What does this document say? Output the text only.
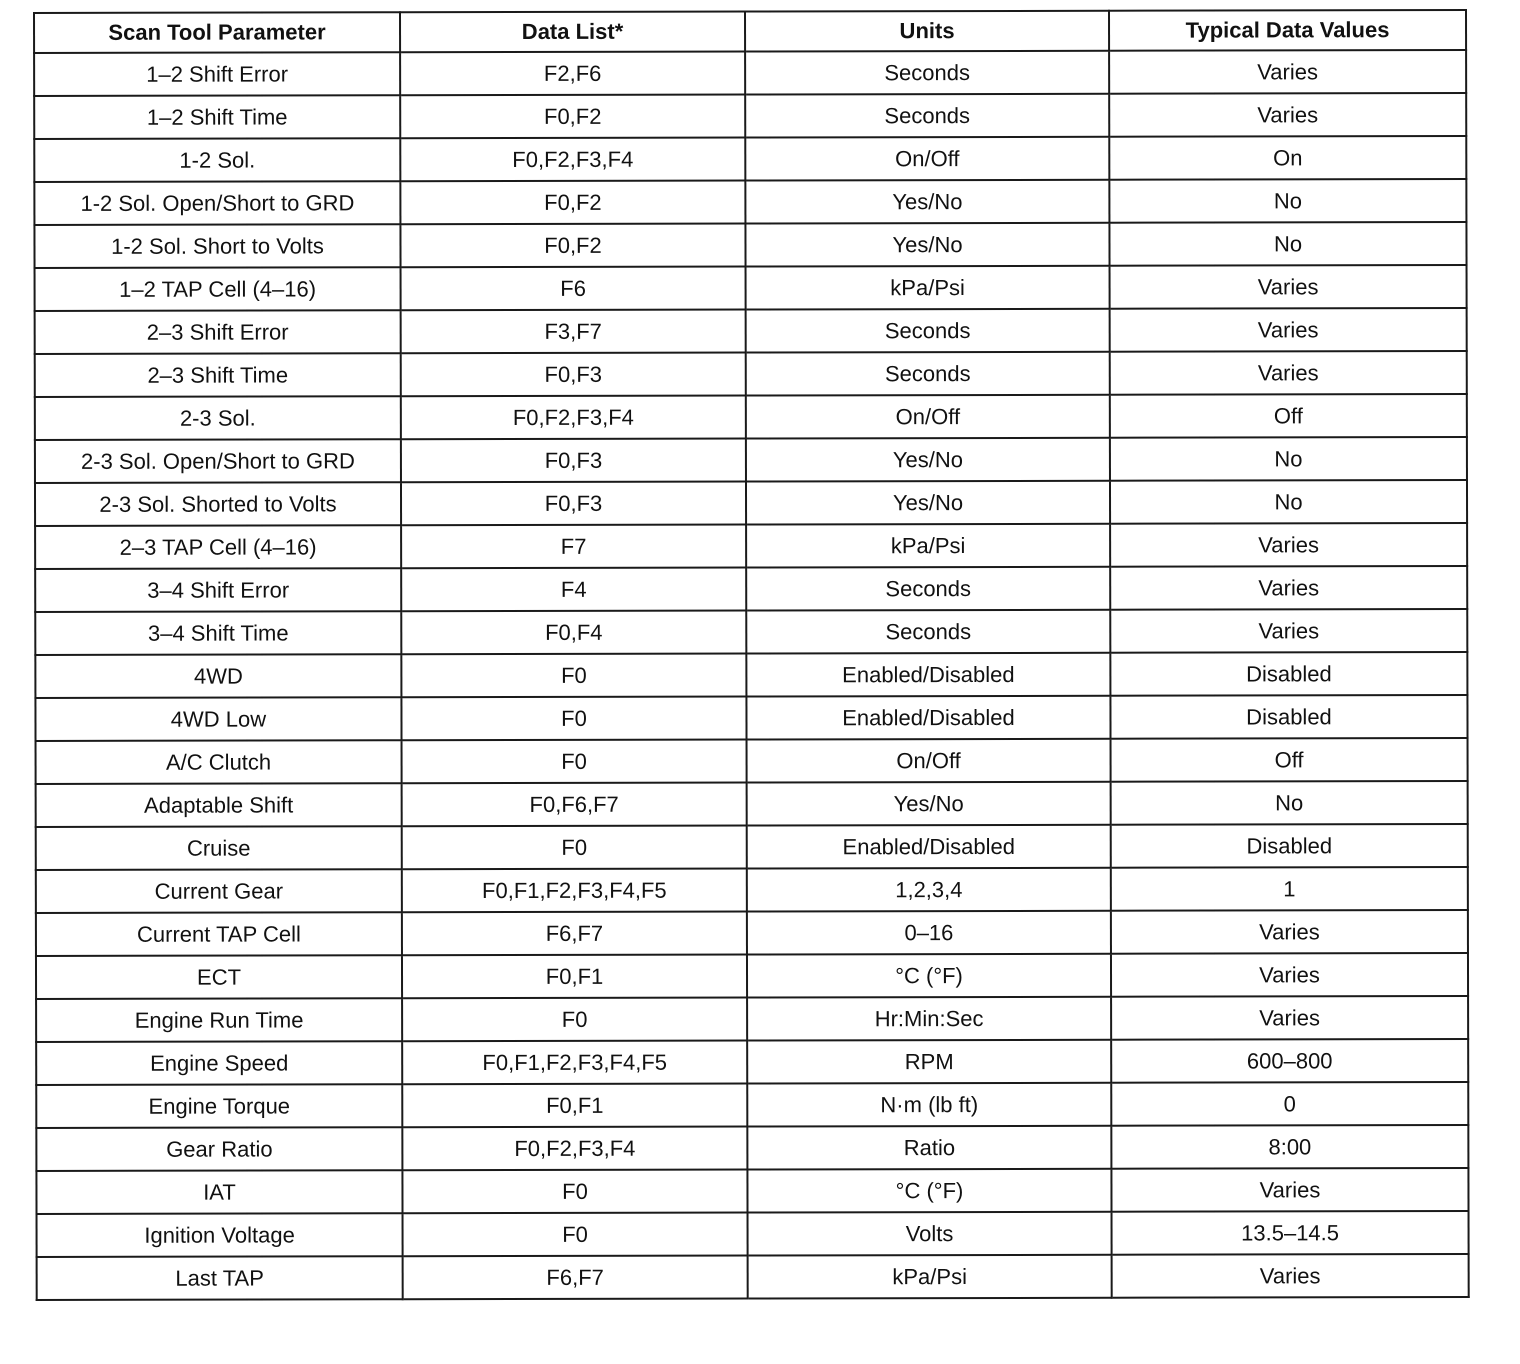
Scan Tool Parameter	Data List*	Units	Typical Data Values
1–2 Shift Error	F2,F6	Seconds	Varies
1–2 Shift Time	F0,F2	Seconds	Varies
1-2 Sol.	F0,F2,F3,F4	On/Off	On
1-2 Sol. Open/Short to GRD	F0,F2	Yes/No	No
1-2 Sol. Short to Volts	F0,F2	Yes/No	No
1–2 TAP Cell (4–16)	F6	kPa/Psi	Varies
2–3 Shift Error	F3,F7	Seconds	Varies
2–3 Shift Time	F0,F3	Seconds	Varies
2-3 Sol.	F0,F2,F3,F4	On/Off	Off
2-3 Sol. Open/Short to GRD	F0,F3	Yes/No	No
2-3 Sol. Shorted to Volts	F0,F3	Yes/No	No
2–3 TAP Cell (4–16)	F7	kPa/Psi	Varies
3–4 Shift Error	F4	Seconds	Varies
3–4 Shift Time	F0,F4	Seconds	Varies
4WD	F0	Enabled/Disabled	Disabled
4WD Low	F0	Enabled/Disabled	Disabled
A/C Clutch	F0	On/Off	Off
Adaptable Shift	F0,F6,F7	Yes/No	No
Cruise	F0	Enabled/Disabled	Disabled
Current Gear	F0,F1,F2,F3,F4,F5	1,2,3,4	1
Current TAP Cell	F6,F7	0–16	Varies
ECT	F0,F1	°C (°F)	Varies
Engine Run Time	F0	Hr:Min:Sec	Varies
Engine Speed	F0,F1,F2,F3,F4,F5	RPM	600–800
Engine Torque	F0,F1	N·m (lb ft)	0
Gear Ratio	F0,F2,F3,F4	Ratio	8:00
IAT	F0	°C (°F)	Varies
Ignition Voltage	F0	Volts	13.5–14.5
Last TAP	F6,F7	kPa/Psi	Varies
